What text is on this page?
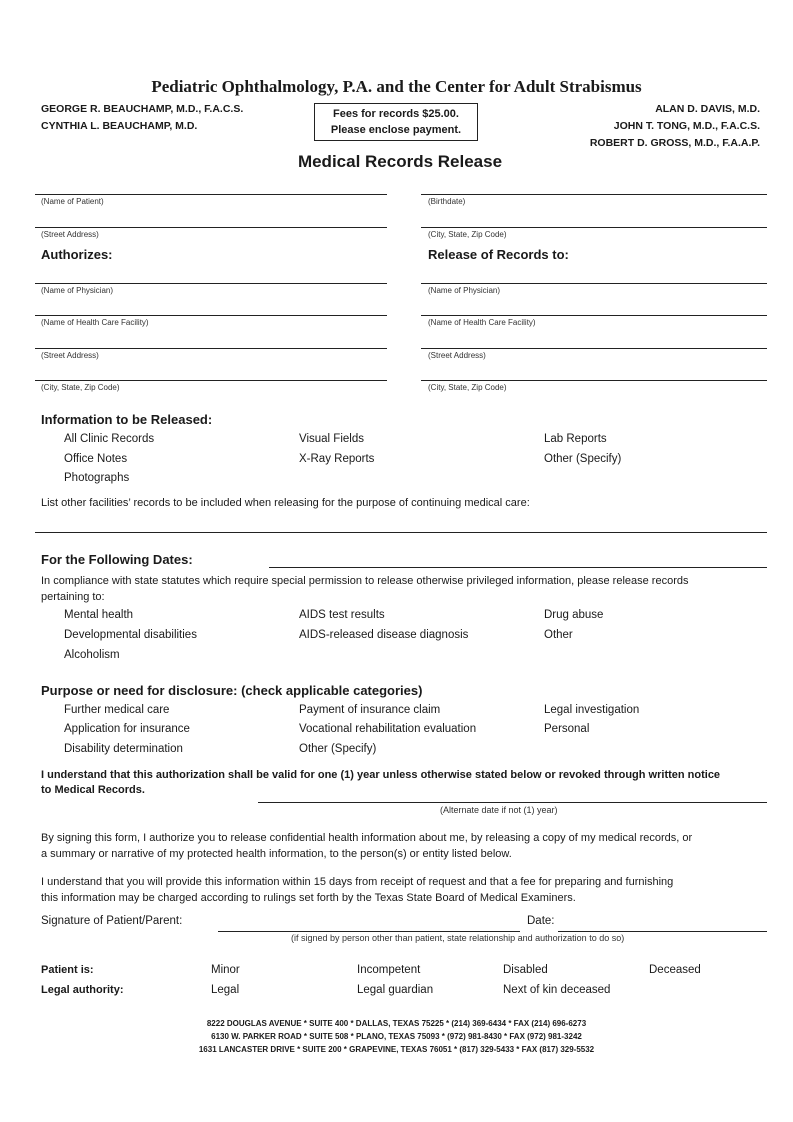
Pediatric Ophthalmology, P.A. and the Center for Adult Strabismus
GEORGE R. BEAUCHAMP, M.D., F.A.C.S.
CYNTHIA L. BEAUCHAMP, M.D.
Fees for records $25.00.
Please enclose payment.
ALAN D. DAVIS, M.D.
JOHN T. TONG, M.D., F.A.C.S.
ROBERT D. GROSS, M.D., F.A.A.P.
Medical Records Release
(Name of Patient)	(Birthdate)
(Street Address)	(City, State, Zip Code)
Authorizes:	Release of Records to:
(Name of Physician)	(Name of Physician)
(Name of Health Care Facility)	(Name of Health Care Facility)
(Street Address)	(Street Address)
(City, State, Zip Code)	(City, State, Zip Code)
Information to be Released:
All Clinic Records	Visual Fields	Lab Reports
Office Notes	X-Ray Reports	Other (Specify)
Photographs
List other facilities’ records to be included when releasing for the purpose of continuing medical care:
For the Following Dates:
In compliance with state statutes which require special permission to release otherwise privileged information, please release records
pertaining to:
Mental health	AIDS test results	Drug abuse
Developmental disabilities	AIDS-released disease diagnosis	Other
Alcoholism
Purpose or need for disclosure: (check applicable categories)
Further medical care	Payment of insurance claim	Legal investigation
Application for insurance	Vocational rehabilitation evaluation	Personal
Disability determination	Other (Specify)
I understand that this authorization shall be valid for one (1) year unless otherwise stated below or revoked through written notice
to Medical Records.
(Alternate date if not (1) year)
By signing this form, I authorize you to release confidential health information about me, by releasing a copy of my medical records, or
a summary or narrative of my protected health information, to the person(s) or entity listed below.
I understand that you will provide this information within 15 days from receipt of request and that a fee for preparing and furnishing
this information may be charged according to rulings set forth by the Texas State Board of Medical Examiners.
Signature of Patient/Parent:	Date:
(if signed by person other than patient, state relationship and authorization to do so)
Patient is:	Minor	Incompetent	Disabled	Deceased
Legal authority:	Legal	Legal guardian	Next of kin deceased
8222 DOUGLAS AVENUE * SUITE 400 * DALLAS, TEXAS 75225 * (214) 369-6434 * FAX (214) 696-6273
6130 W. PARKER ROAD * SUITE 508 * PLANO, TEXAS 75093 * (972) 981-8430 * FAX (972) 981-3242
1631 LANCASTER DRIVE * SUITE 200 * GRAPEVINE, TEXAS 76051 * (817) 329-5433 * FAX (817) 329-5532
